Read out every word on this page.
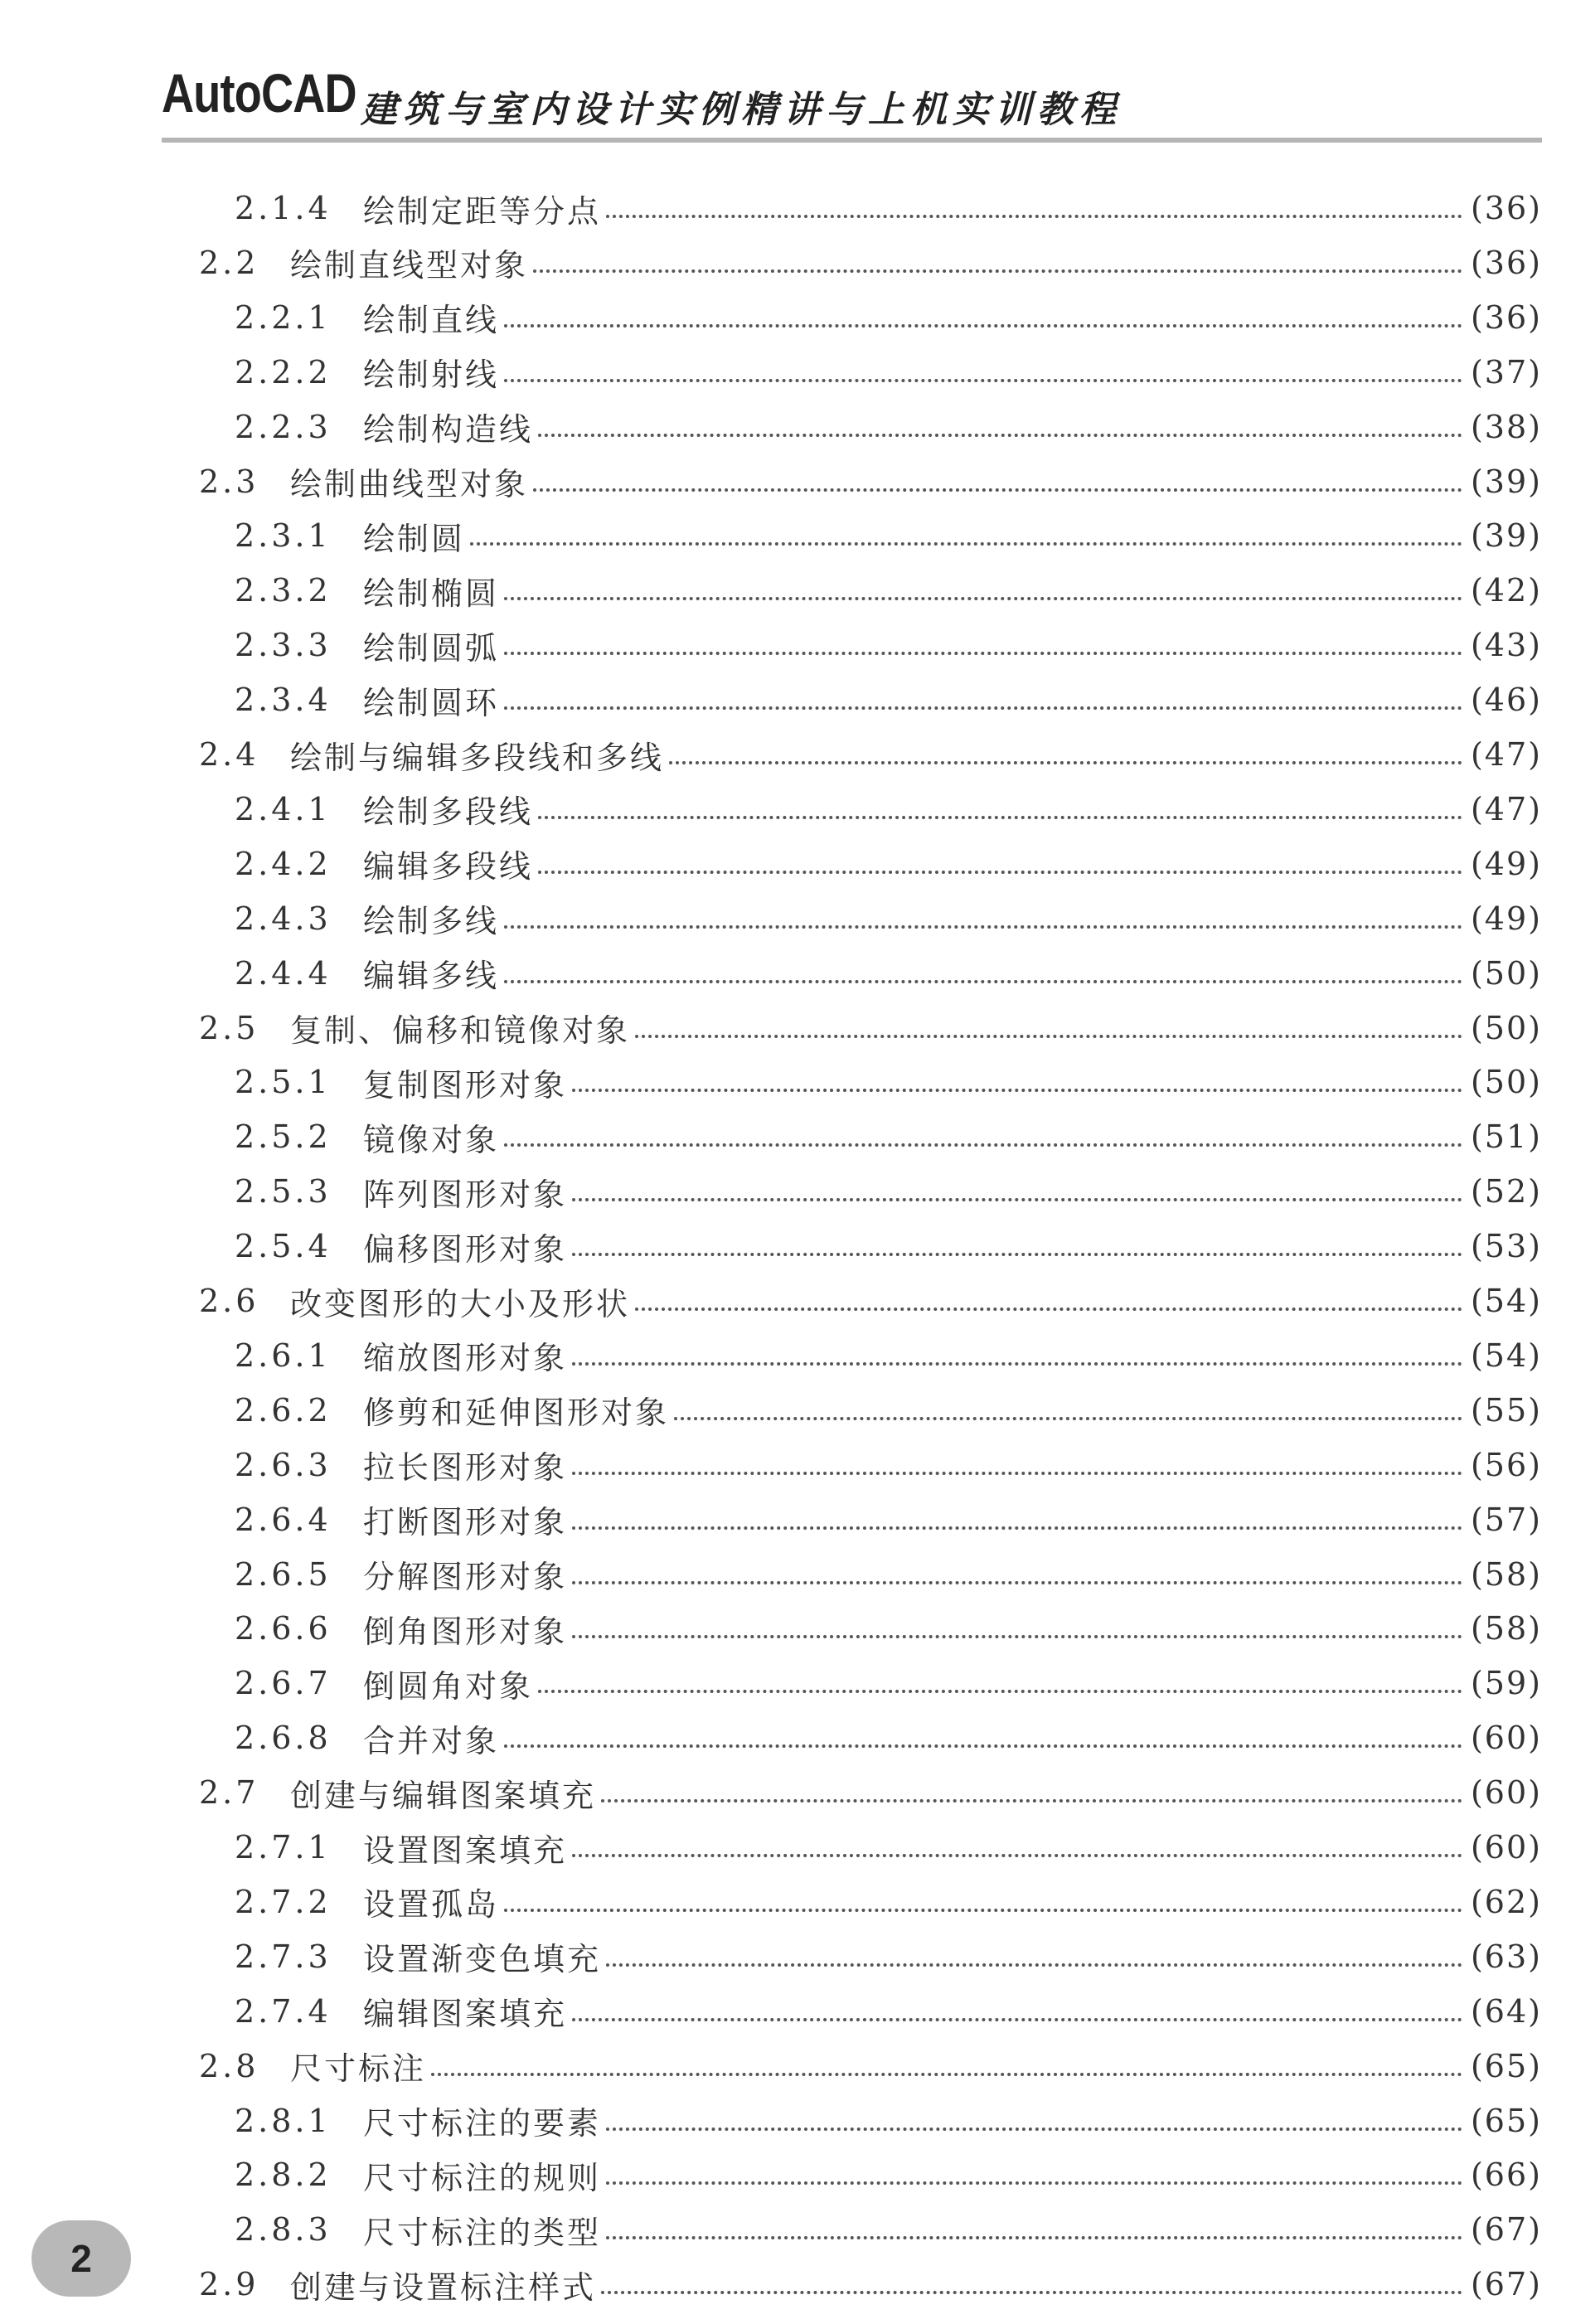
AutoCAD 建筑与室内设计实例精讲与上机实训教程
2.1.4	绘制定距等分点	(36)
2.2 绘制直线型对象	(36)
2.2.1	绘制直线	(36)
2.2.2	绘制射线	(37)
2.2.3	绘制构造线	(38)
2.3 绘制曲线型对象	(39)
2.3.1	绘制圆	(39)
2.3.2	绘制椭圆	(42)
2.3.3	绘制圆弧	(43)
2.3.4	绘制圆环	(46)
2.4 绘制与编辑多段线和多线	(47)
2.4.1	绘制多段线	(47)
2.4.2	编辑多段线	(49)
2.4.3	绘制多线	(49)
2.4.4	编辑多线	(50)
2.5 复制、偏移和镜像对象	(50)
2.5.1	复制图形对象	(50)
2.5.2	镜像对象	(51)
2.5.3	阵列图形对象	(52)
2.5.4	偏移图形对象	(53)
2.6 改变图形的大小及形状	(54)
2.6.1	缩放图形对象	(54)
2.6.2	修剪和延伸图形对象	(55)
2.6.3	拉长图形对象	(56)
2.6.4	打断图形对象	(57)
2.6.5	分解图形对象	(58)
2.6.6	倒角图形对象	(58)
2.6.7	倒圆角对象	(59)
2.6.8	合并对象	(60)
2.7 创建与编辑图案填充	(60)
2.7.1	设置图案填充	(60)
2.7.2	设置孤岛	(62)
2.7.3	设置渐变色填充	(63)
2.7.4	编辑图案填充	(64)
2.8 尺寸标注	(65)
2.8.1	尺寸标注的要素	(65)
2.8.2	尺寸标注的规则	(66)
2.8.3	尺寸标注的类型	(67)
2.9 创建与设置标注样式	(67)
2
